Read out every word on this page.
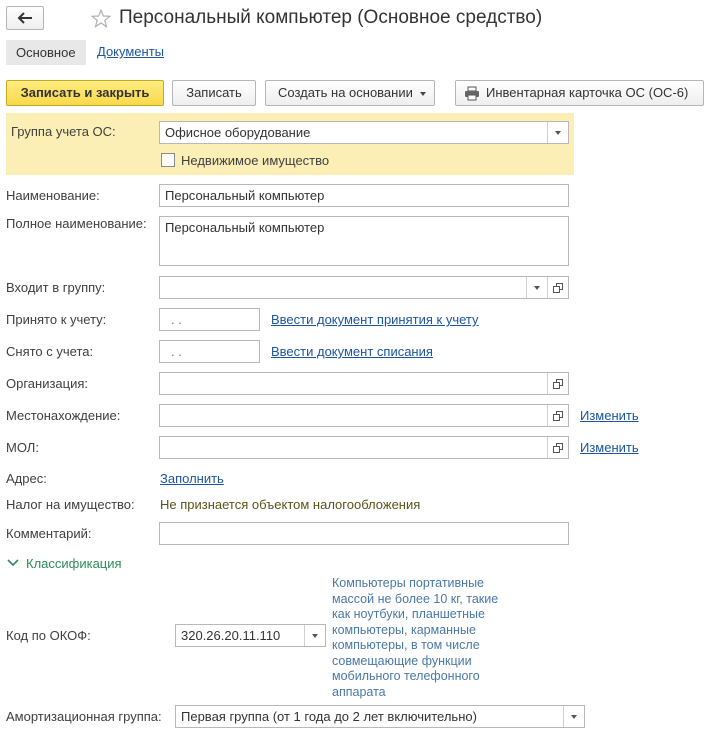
Персональный компьютер (Основное средство)
Основное	Документы
Записать и закрыть	Записать	Создать на основании	Инвентарная карточка ОС (ОС-6)
Группа учета ОС:	Офисное оборудование
Недвижимое имущество
Наименование:	Персональный компьютер
Полное наименование:	Персональный компьютер
Входит в группу:
Принято к учету:	. .	Ввести документ принятия к учету
Снято с учета:	. .	Ввести документ списания
Организация:
Местонахождение:	Изменить
МОЛ:	Изменить
Адрес:	Заполнить
Налог на имущество: Не признается объектом налогообложения
Комментарий:
Классификация
Код по ОКОФ:	320.26.20.11.110
Компьютеры портативные
массой не более 10 кг, такие
как ноутбуки, планшетные
компьютеры, карманные
компьютеры, в том числе
совмещающие функции
мобильного телефонного
аппарата
Амортизационная группа:	Первая группа (от 1 года до 2 лет включительно)
